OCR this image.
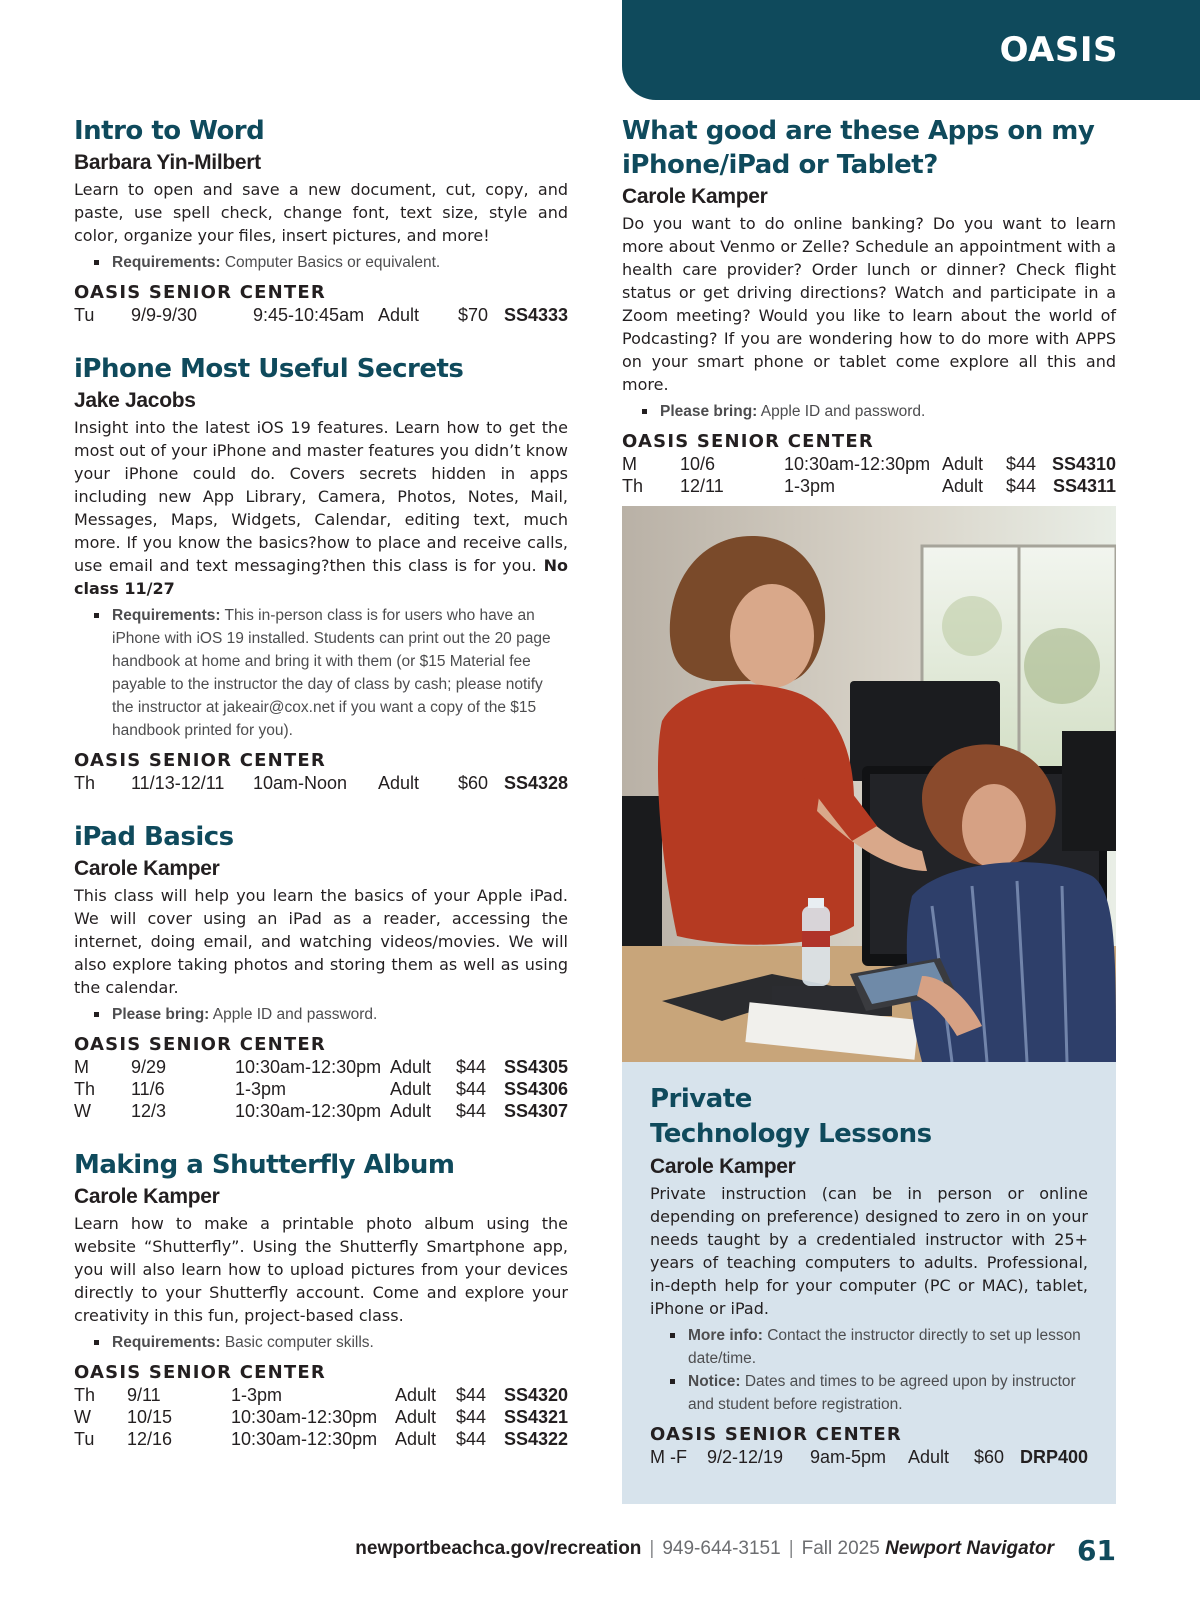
OASIS
Intro to Word
Barbara Yin-Milbert

Learn to open and save a new document, cut, copy, and paste, use spell check, change font, text size, style and color, organize your files, insert pictures, and more!

Requirements: Computer Basics or equivalent.
OASIS SENIOR CENTER
Tu	9/9-9/30	9:45-10:45am	Adult	$70	SS4333
iPhone Most Useful Secrets
Jake Jacobs

Insight into the latest iOS 19 features. Learn how to get the most out of your iPhone and master features you didn’t know your iPhone could do. Covers secrets hidden in apps including new App Library, Camera, Photos, Notes, Mail, Messages, Maps, Widgets, Calendar, editing text, much more. If you know the basics?how to place and receive calls, use email and text messaging?then this class is for you. No class 11/27

Requirements: This in-person class is for users who have an iPhone with iOS 19 installed. Students can print out the 20 page handbook at home and bring it with them (or $15 Material fee payable to the instructor the day of class by cash; please notify the instructor at jakeair@cox.net if you want a copy of the $15 handbook printed for you).
OASIS SENIOR CENTER
Th	11/13-12/11	10am-Noon	Adult	$60	SS4328
iPad Basics
Carole Kamper

This class will help you learn the basics of your Apple iPad. We will cover using an iPad as a reader, accessing the internet, doing email, and watching videos/movies. We will also explore taking photos and storing them as well as using the calendar.

Please bring: Apple ID and password.
OASIS SENIOR CENTER
M	9/29	10:30am-12:30pm	Adult	$44	SS4305
Th	11/6	1-3pm	Adult	$44	SS4306
W	12/3	10:30am-12:30pm	Adult	$44	SS4307
Making a Shutterfly Album
Carole Kamper

Learn how to make a printable photo album using the website “Shutterfly”. Using the Shutterfly Smartphone app, you will also learn how to upload pictures from your devices directly to your Shutterfly account. Come and explore your creativity in this fun, project-based class.

Requirements: Basic computer skills.
OASIS SENIOR CENTER
Th	9/11	1-3pm	Adult	$44	SS4320
W	10/15	10:30am-12:30pm	Adult	$44	SS4321
Tu	12/16	10:30am-12:30pm	Adult	$44	SS4322
What good are these Apps on my iPhone/iPad or Tablet?
Carole Kamper

Do you want to do online banking? Do you want to learn more about Venmo or Zelle? Schedule an appointment with a health care provider? Order lunch or dinner? Check flight status or get driving directions? Watch and participate in a Zoom meeting? Would you like to learn about the world of Podcasting? If you are wondering how to do more with APPS on your smart phone or tablet come explore all this and more.

Please bring: Apple ID and password.
OASIS SENIOR CENTER
M	10/6	10:30am-12:30pm	Adult	$44	SS4310
Th	12/11	1-3pm	Adult	$44	SS4311
Private
Technology Lessons
Carole Kamper

Private instruction (can be in person or online depending on preference) designed to zero in on your needs taught by a credentialed instructor with 25+ years of teaching computers to adults. Professional, in-depth help for your computer (PC or MAC), tablet, iPhone or iPad.

More info: Contact the instructor directly to set up lesson date/time.
Notice: Dates and times to be agreed upon by instructor and student before registration.
OASIS SENIOR CENTER
M -F	9/2-12/19	9am-5pm	Adult	$60	DRP400
newportbeachca.gov/recreation | 949-644-3151 | Fall 2025 Newport Navigator 61
